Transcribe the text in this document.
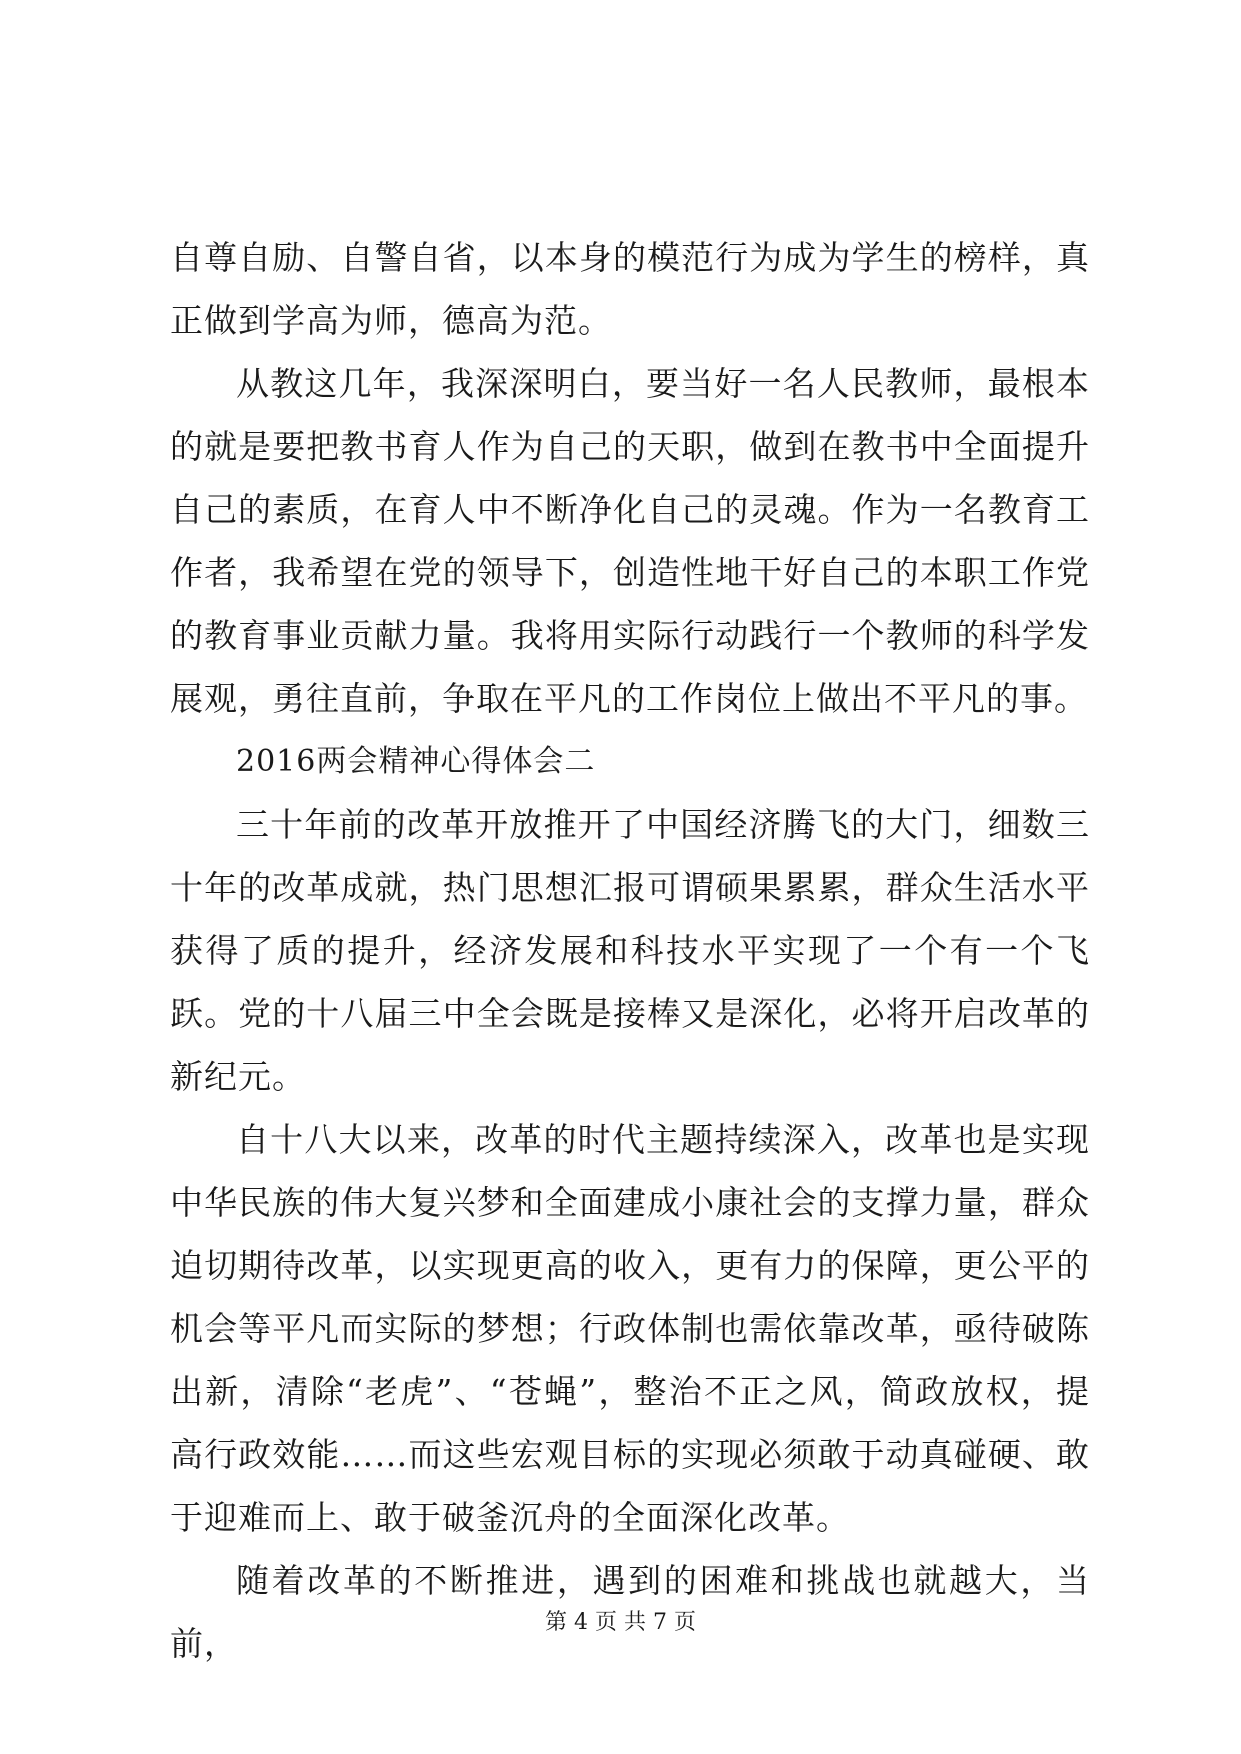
自尊自励、自警自省，以本身的模范行为成为学生的榜样，真正做到学高为师，德高为范。

从教这几年，我深深明白，要当好一名人民教师，最根本的就是要把教书育人作为自己的天职，做到在教书中全面提升自己的素质，在育人中不断净化自己的灵魂。作为一名教育工作者，我希望在党的领导下，创造性地干好自己的本职工作党的教育事业贡献力量。我将用实际行动践行一个教师的科学发展观，勇往直前，争取在平凡的工作岗位上做出不平凡的事。

2016两会精神心得体会二

三十年前的改革开放推开了中国经济腾飞的大门，细数三十年的改革成就，热门思想汇报可谓硕果累累，群众生活水平获得了质的提升，经济发展和科技水平实现了一个有一个飞跃。党的十八届三中全会既是接棒又是深化，必将开启改革的新纪元。

自十八大以来，改革的时代主题持续深入，改革也是实现中华民族的伟大复兴梦和全面建成小康社会的支撑力量，群众迫切期待改革，以实现更高的收入，更有力的保障，更公平的机会等平凡而实际的梦想；行政体制也需依靠改革，亟待破陈出新，清除“老虎”、“苍蝇”，整治不正之风，简政放权，提高行政效能……而这些宏观目标的实现必须敢于动真碰硬、敢于迎难而上、敢于破釜沉舟的全面深化改革。

随着改革的不断推进，遇到的困难和挑战也就越大，当前，

第 4 页 共 7 页
